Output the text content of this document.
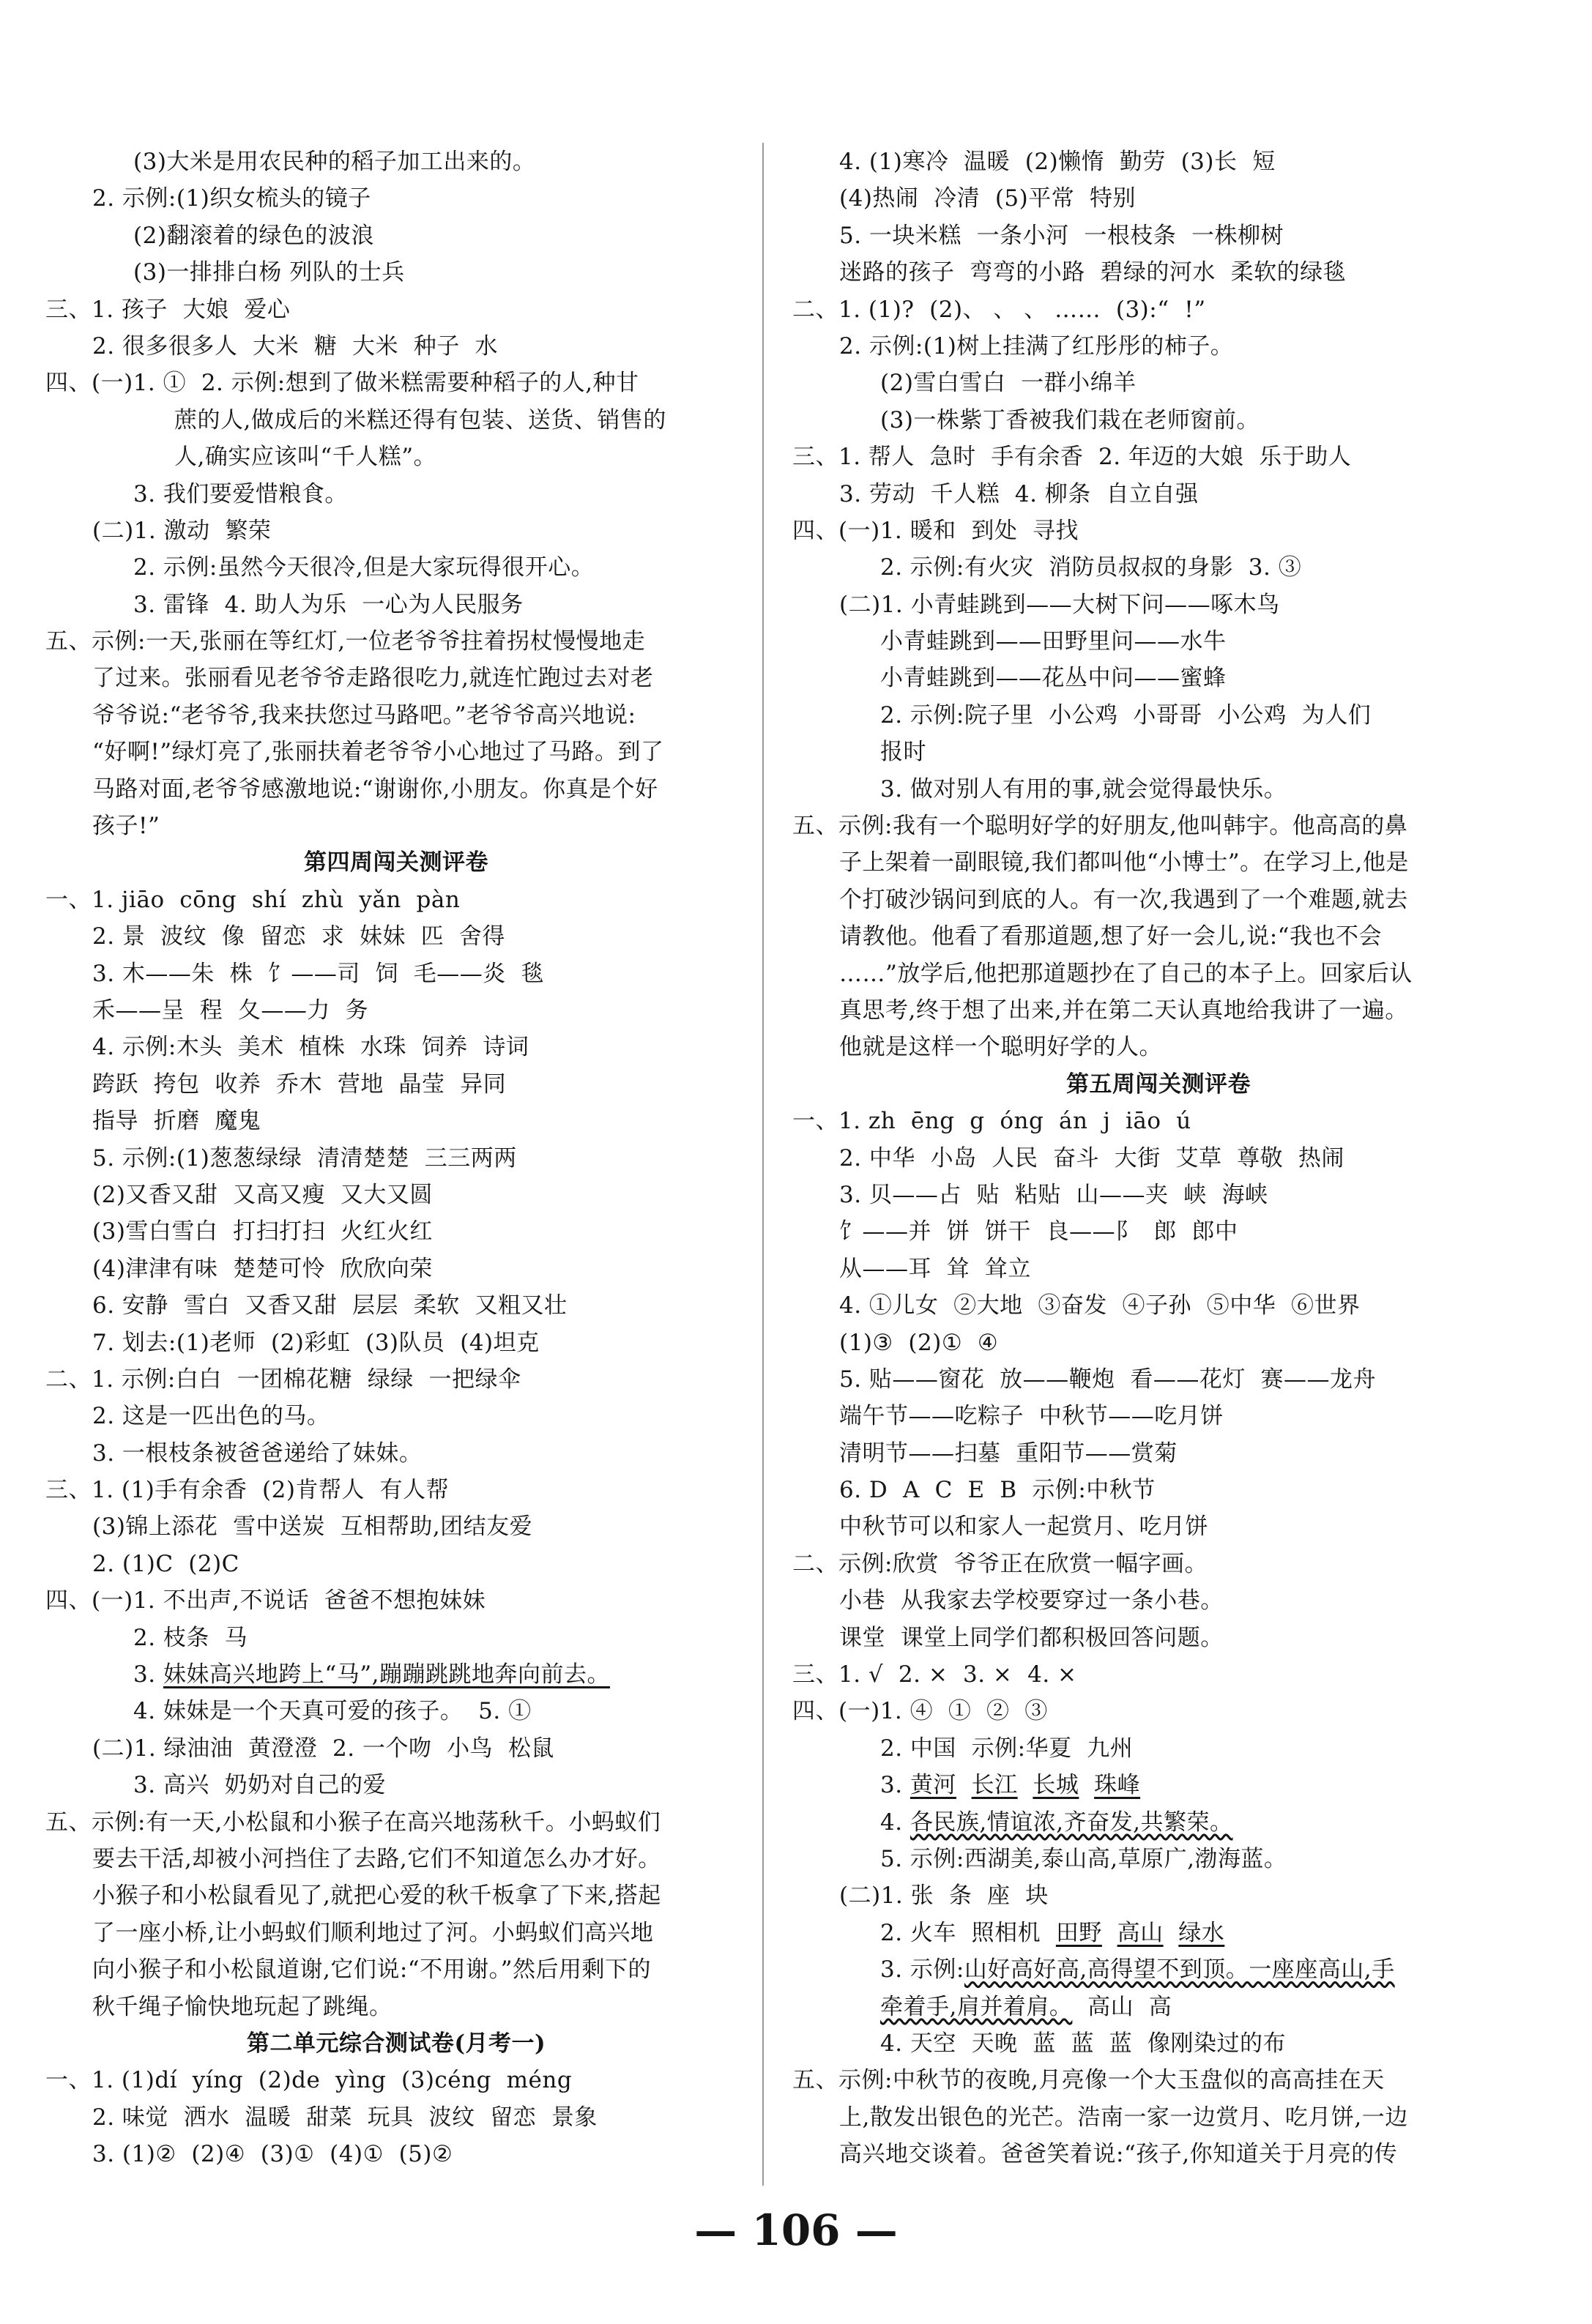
(3)大米是用农民种的稻子加工出来的。
2. 示例:(1)织女梳头的镜子
(2)翻滚着的绿色的波浪
(3)一排排白杨 列队的士兵
三、1. 孩子  大娘  爱心
2. 很多很多人  大米  糖  大米  种子  水
四、(一)1. ①  2. 示例:想到了做米糕需要种稻子的人,种甘
蔗的人,做成后的米糕还得有包装、送货、销售的
人,确实应该叫“千人糕”。
3. 我们要爱惜粮食。
(二)1. 激动  繁荣
2. 示例:虽然今天很冷,但是大家玩得很开心。
3. 雷锋  4. 助人为乐  一心为人民服务
五、示例:一天,张丽在等红灯,一位老爷爷拄着拐杖慢慢地走
了过来。张丽看见老爷爷走路很吃力,就连忙跑过去对老
爷爷说:“老爷爷,我来扶您过马路吧。”老爷爷高兴地说:
“好啊!”绿灯亮了,张丽扶着老爷爷小心地过了马路。到了
马路对面,老爷爷感激地说:“谢谢你,小朋友。你真是个好
孩子!”
第四周闯关测评卷
一、1. jiāo  cōng  shí  zhù  yǎn  pàn
2. 景  波纹  像  留恋  求  妹妹  匹  舍得
3. 木——朱  株  饣——司  饲  毛——炎  毯
禾——呈  程  夂——力  务
4. 示例:木头  美术  植株  水珠  饲养  诗词
跨跃  挎包  收养  乔木  营地  晶莹  异同
指导  折磨  魔鬼
5. 示例:(1)葱葱绿绿  清清楚楚  三三两两
(2)又香又甜  又高又瘦  又大又圆
(3)雪白雪白  打扫打扫  火红火红
(4)津津有味  楚楚可怜  欣欣向荣
6. 安静  雪白  又香又甜  层层  柔软  又粗又壮
7. 划去:(1)老师  (2)彩虹  (3)队员  (4)坦克
二、1. 示例:白白  一团棉花糖  绿绿  一把绿伞
2. 这是一匹出色的马。
3. 一根枝条被爸爸递给了妹妹。
三、1. (1)手有余香  (2)肯帮人  有人帮
(3)锦上添花  雪中送炭  互相帮助,团结友爱
2. (1)C  (2)C
四、(一)1. 不出声,不说话  爸爸不想抱妹妹
2. 枝条  马
3. 妹妹高兴地跨上“马”,蹦蹦跳跳地奔向前去。
4. 妹妹是一个天真可爱的孩子。  5. ①
(二)1. 绿油油  黄澄澄  2. 一个吻  小鸟  松鼠
3. 高兴  奶奶对自己的爱
五、示例:有一天,小松鼠和小猴子在高兴地荡秋千。小蚂蚁们
要去干活,却被小河挡住了去路,它们不知道怎么办才好。
小猴子和小松鼠看见了,就把心爱的秋千板拿了下来,搭起
了一座小桥,让小蚂蚁们顺利地过了河。小蚂蚁们高兴地
向小猴子和小松鼠道谢,它们说:“不用谢。”然后用剩下的
秋千绳子愉快地玩起了跳绳。
第二单元综合测试卷(月考一)
一、1. (1)dí  yíng  (2)de  yìng  (3)céng  méng
2. 味觉  洒水  温暖  甜菜  玩具  波纹  留恋  景象
3. (1)②  (2)④  (3)①  (4)①  (5)②
4. (1)寒冷  温暖  (2)懒惰  勤劳  (3)长  短
(4)热闹  冷清  (5)平常  特别
5. 一块米糕  一条小河  一根枝条  一株柳树
迷路的孩子  弯弯的小路  碧绿的河水  柔软的绿毯
二、1. (1)?  (2)、 、 、 ……  (3):“  !”
2. 示例:(1)树上挂满了红彤彤的柿子。
(2)雪白雪白  一群小绵羊
(3)一株紫丁香被我们栽在老师窗前。
三、1. 帮人  急时  手有余香  2. 年迈的大娘  乐于助人
3. 劳动  千人糕  4. 柳条  自立自强
四、(一)1. 暖和  到处  寻找
2. 示例:有火灾  消防员叔叔的身影  3. ③
(二)1. 小青蛙跳到——大树下问——啄木鸟
小青蛙跳到——田野里问——水牛
小青蛙跳到——花丛中问——蜜蜂
2. 示例:院子里  小公鸡  小哥哥  小公鸡  为人们
报时
3. 做对别人有用的事,就会觉得最快乐。
五、示例:我有一个聪明好学的好朋友,他叫韩宇。他高高的鼻
子上架着一副眼镜,我们都叫他“小博士”。在学习上,他是
个打破沙锅问到底的人。有一次,我遇到了一个难题,就去
请教他。他看了看那道题,想了好一会儿,说:“我也不会
……”放学后,他把那道题抄在了自己的本子上。回家后认
真思考,终于想了出来,并在第二天认真地给我讲了一遍。
他就是这样一个聪明好学的人。
第五周闯关测评卷
一、1. zh  ēng  g  óng  án  j  iāo  ú
2. 中华  小岛  人民  奋斗  大街  艾草  尊敬  热闹
3. 贝——占  贴  粘贴  山——夹  峡  海峡
饣——并  饼  饼干  良——阝  郎  郎中
从——耳  耸  耸立
4. ①儿女  ②大地  ③奋发  ④子孙  ⑤中华  ⑥世界
(1)③  (2)①  ④
5. 贴——窗花  放——鞭炮  看——花灯  赛——龙舟
端午节——吃粽子  中秋节——吃月饼
清明节——扫墓  重阳节——赏菊
6. D  A  C  E  B  示例:中秋节
中秋节可以和家人一起赏月、吃月饼
二、示例:欣赏  爷爷正在欣赏一幅字画。
小巷  从我家去学校要穿过一条小巷。
课堂  课堂上同学们都积极回答问题。
三、1. √  2. ×  3. ×  4. ×
四、(一)1. ④  ①  ②  ③
2. 中国  示例:华夏  九州
3. 黄河 长江 长城 珠峰
4. 各民族,情谊浓,齐奋发,共繁荣。
5. 示例:西湖美,泰山高,草原广,渤海蓝。
(二)1. 张  条  座  块
2. 火车  照相机  田野 高山 绿水
3. 示例:山好高好高,高得望不到顶。一座座高山,手
牵着手,肩并着肩。  高山  高
4. 天空  天晚  蓝  蓝  蓝  像刚染过的布
五、示例:中秋节的夜晚,月亮像一个大玉盘似的高高挂在天
上,散发出银色的光芒。浩南一家一边赏月、吃月饼,一边
高兴地交谈着。爸爸笑着说:“孩子,你知道关于月亮的传
— 106 —
